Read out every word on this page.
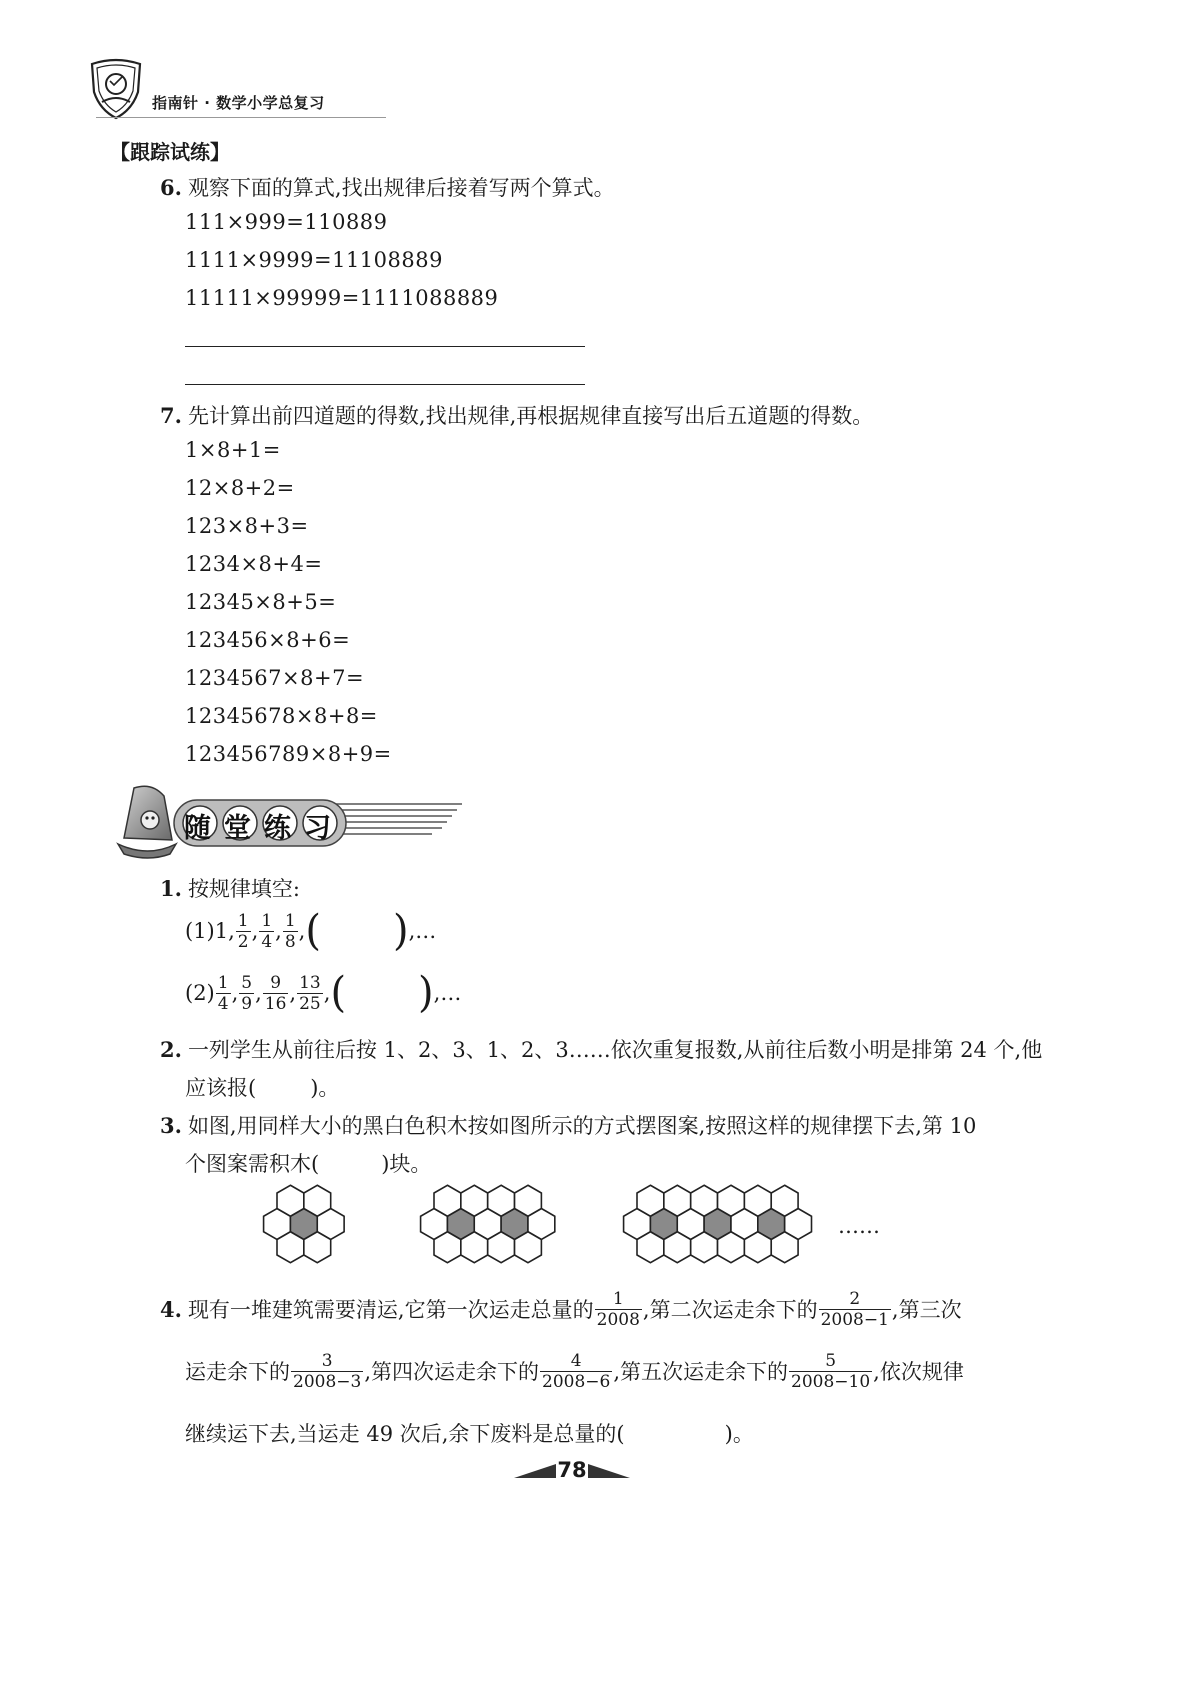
指南针 · 数学小学总复习
【跟踪试练】
6. 观察下面的算式,找出规律后接着写两个算式。
111×999=110889
1111×9999=11108889
11111×99999=1111088889
7. 先计算出前四道题的得数,找出规律,再根据规律直接写出后五道题的得数。
1×8+1=
12×8+2=
123×8+3=
1234×8+4=
12345×8+5=
123456×8+6=
1234567×8+7=
12345678×8+8=
123456789×8+9=
随堂练习
1. 按规律填空:
(1) 1, $\frac{1}{2}$ , $\frac{1}{4}$ , $\frac{1}{8}$ , ( ) ,…
$(2) \frac{1}{4}$ , $\frac{5}{9}$ , $\frac{9}{16}$ , $\frac{13}{25}$ , ( ) ,…
2. 一列学生从前往后按 1、2、3、1、2、3……依次重复报数,从前往后数小明是排第 24 个,他
应该报(	)。
3. 如图,用同样大小的黑白色积木按如图所示的方式摆图案,按照这样的规律摆下去,第 10
个图案需积木(	)块。
……
4. 现有一堆建筑需要清运,它第一次运走总量的 $\frac{1}{2008}$ ,第二次运走余下的 $\frac{2}{2008-1}$ ,第三次
运走余下的 $\frac{3}{2008-3}$ ,第四次运走余下的 $\frac{4}{2008-6}$ ,第五次运走余下的 $\frac{5}{2008-10}$ ,依次规律
继续运下去,当运走 49 次后,余下废料是总量的(	)。
78
